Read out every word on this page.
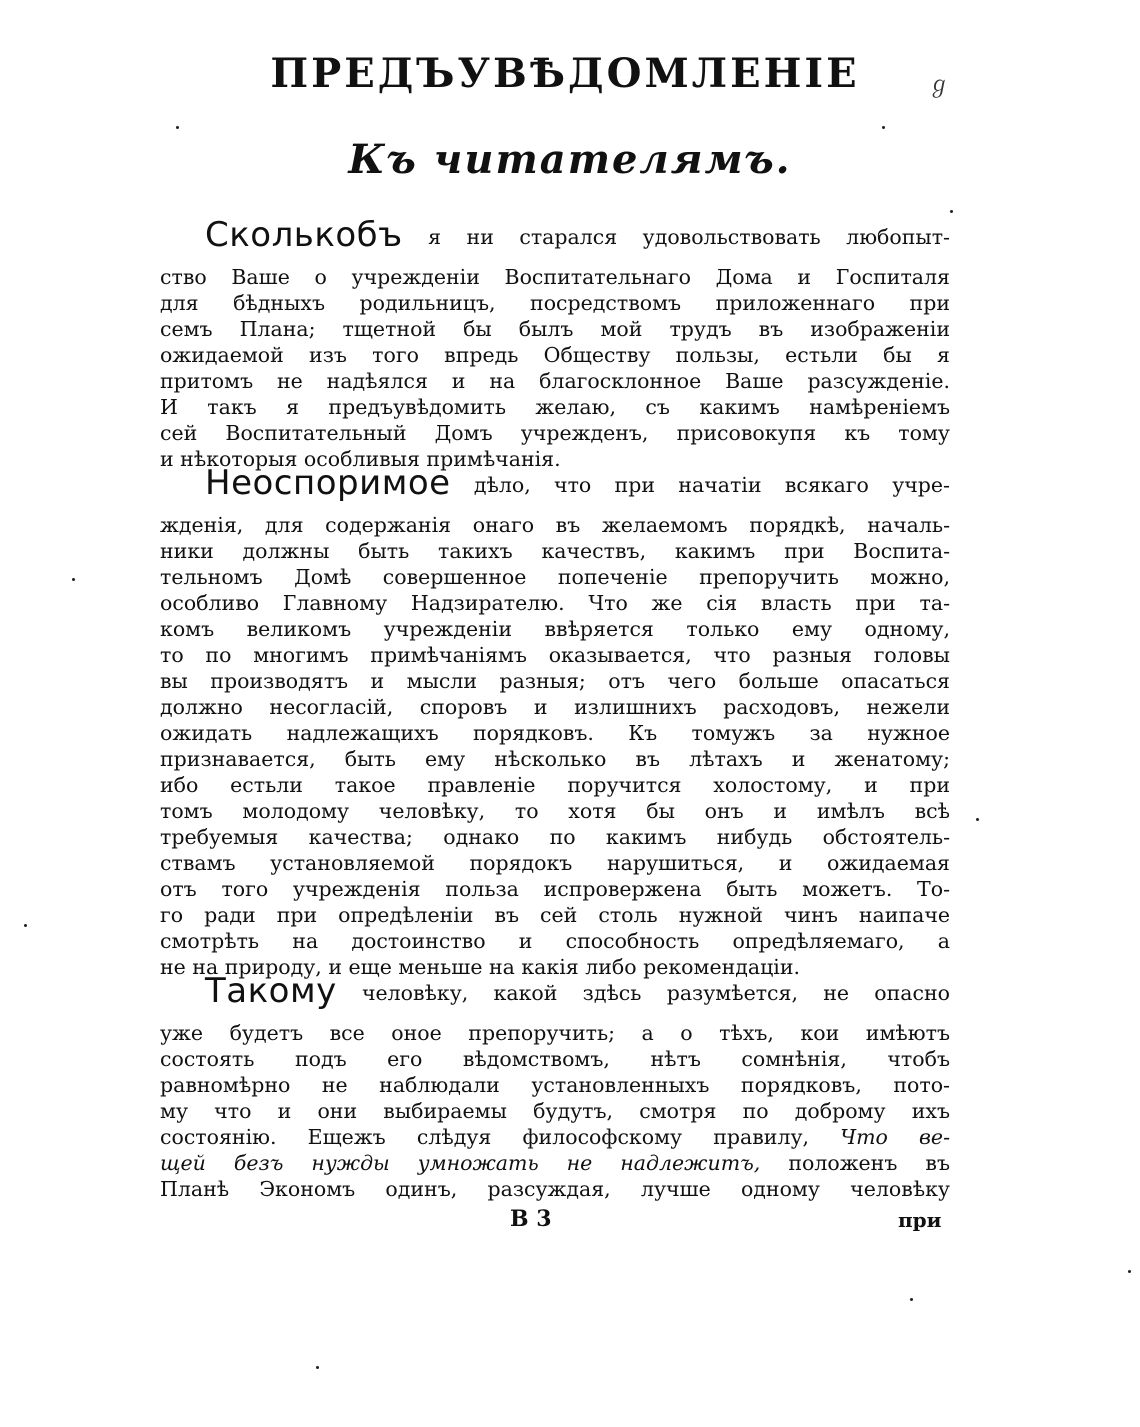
ПРЕДЪУВѢДОМЛЕНIЕ	ℊ
Къ читателямъ.
Сколькобъ я ни старался удовольствовать любопыт-
ство Ваше о учрежденiи Воспитательнаго Дома и Госпиталя
для бѣдныхъ родильницъ, посредствомъ приложеннаго при
семъ Плана; тщетной бы былъ мой трудъ въ изображенiи
ожидаемой изъ того впредь Обществу пользы, естьли бы я
притомъ не надѣялся и на благосклонное Ваше разсужденiе.
И такъ я предъувѣдомить желаю, съ какимъ намѣренiемъ
сей Воспитательный Домъ учрежденъ, присовокупя къ тому
и нѣкоторыя особливыя примѣчанiя.
Неоспоримое дѣло, что при начатiи всякаго учре-
жденiя, для содержанiя онаго въ желаемомъ порядкѣ, началь-
ники должны быть такихъ качествъ, какимъ при Воспита-
тельномъ Домѣ совершенное попеченiе препоручить можно,
особливо Главному Надзирателю. Что же сiя власть при та-
комъ великомъ учрежденiи ввѣряется только ему одному,
то по многимъ примѣчанiямъ оказывается, что разныя головы
вы производятъ и мысли разныя; отъ чего больше опасаться
должно несогласiй, споровъ и излишнихъ расходовъ, нежели
ожидать надлежащихъ порядковъ. Къ томужъ за нужное
признавается, быть ему нѣсколько въ лѣтахъ и женатому;
ибо естьли такое правленiе поручится холостому, и при
томъ молодому человѣку, то хотя бы онъ и имѣлъ всѣ
требуемыя качества; однако по какимъ нибудь обстоятель-
ствамъ установляемой порядокъ нарушиться, и ожидаемая
отъ того учрежденiя польза испровержена быть можетъ. То-
го ради при опредѣленiи въ сей столь нужной чинъ наипаче
смотрѣть на достоинство и способность опредѣляемаго, а
не на природу, и еще меньше на какiя либо рекомендацiи.
Такому человѣку, какой здѣсь разумѣется, не опасно
уже будетъ все оное препоручить; а о тѣхъ, кои имѣютъ
состоять подъ его вѣдомствомъ, нѣтъ сомнѣнiя, чтобъ
равномѣрно не наблюдали установленныхъ порядковъ, пото-
му что и они выбираемы будутъ, смотря по доброму ихъ
состоянiю. Ещежъ слѣдуя философскому правилу, Что ве-
щей безъ нужды умножать не надлежитъ, положенъ въ
Планѣ Экономъ одинъ, разсуждая, лучше одному человѣку
В 3	при
